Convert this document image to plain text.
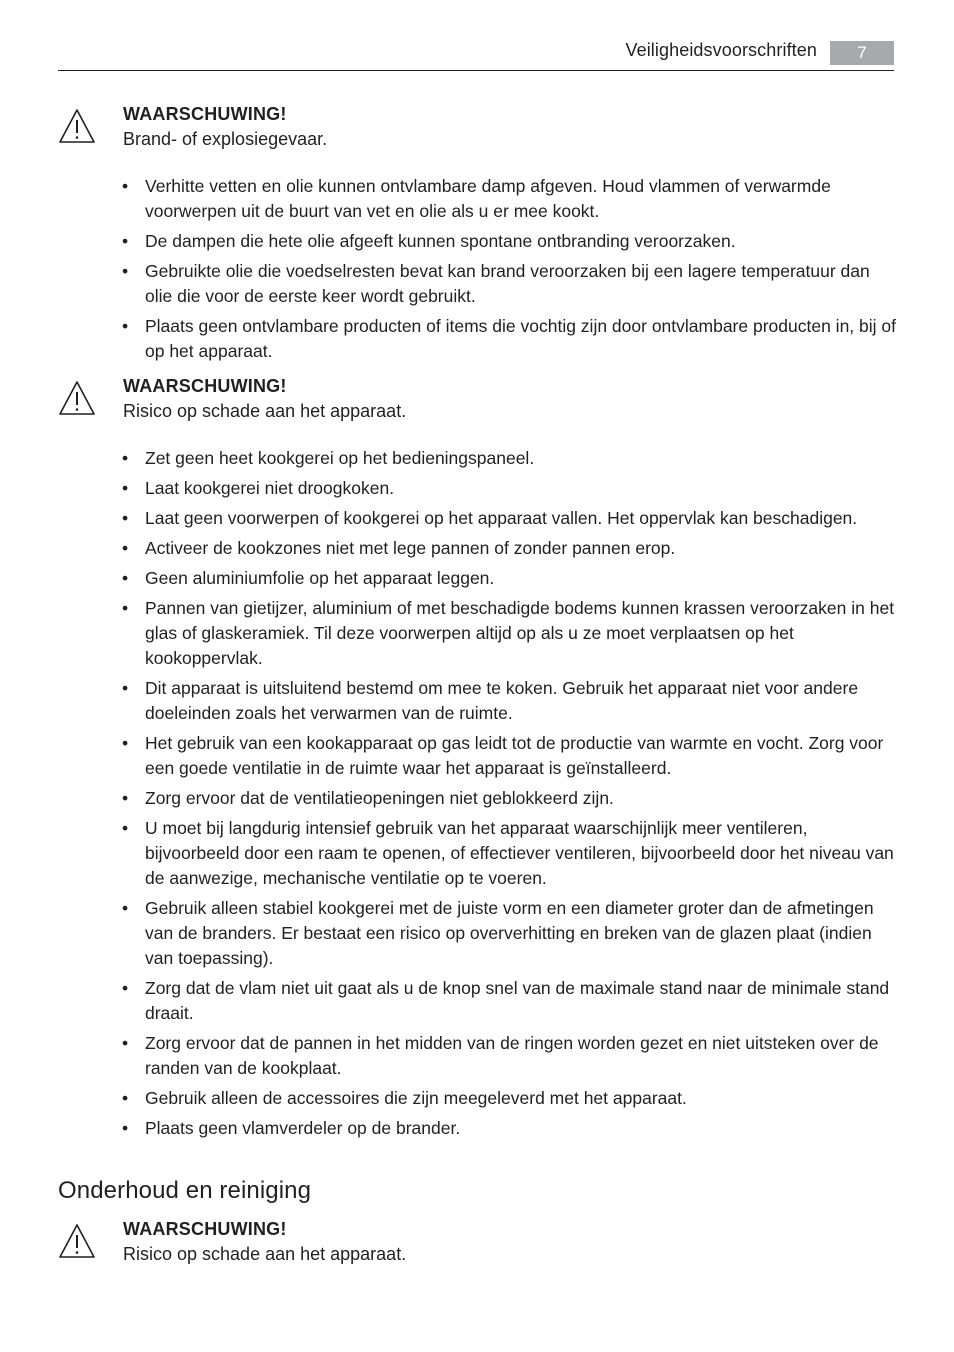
Veiligheidsvoorschriften	7
WAARSCHUWING!
Brand- of explosiegevaar.
• Verhitte vetten en olie kunnen ontvlambare damp afgeven. Houd vlammen of verwarmde voorwerpen uit de buurt van vet en olie als u er mee kookt.
• De dampen die hete olie afgeeft kunnen spontane ontbranding veroorzaken.
• Gebruikte olie die voedselresten bevat kan brand veroorzaken bij een lagere temperatuur dan olie die voor de eerste keer wordt gebruikt.
• Plaats geen ontvlambare producten of items die vochtig zijn door ontvlambare producten in, bij of op het apparaat.
WAARSCHUWING!
Risico op schade aan het apparaat.
• Zet geen heet kookgerei op het bedieningspaneel.
• Laat kookgerei niet droogkoken.
• Laat geen voorwerpen of kookgerei op het apparaat vallen. Het oppervlak kan beschadigen.
• Activeer de kookzones niet met lege pannen of zonder pannen erop.
• Geen aluminiumfolie op het apparaat leggen.
• Pannen van gietijzer, aluminium of met beschadigde bodems kunnen krassen veroorzaken in het glas of glaskeramiek. Til deze voorwerpen altijd op als u ze moet verplaatsen op het kookoppervlak.
• Dit apparaat is uitsluitend bestemd om mee te koken. Gebruik het apparaat niet voor andere doeleinden zoals het verwarmen van de ruimte.
• Het gebruik van een kookapparaat op gas leidt tot de productie van warmte en vocht. Zorg voor een goede ventilatie in de ruimte waar het apparaat is geïnstalleerd.
• Zorg ervoor dat de ventilatieopeningen niet geblokkeerd zijn.
• U moet bij langdurig intensief gebruik van het apparaat waarschijnlijk meer ventileren, bijvoorbeeld door een raam te openen, of effectiever ventileren, bijvoorbeeld door het niveau van de aanwezige, mechanische ventilatie op te voeren.
• Gebruik alleen stabiel kookgerei met de juiste vorm en een diameter groter dan de afmetingen van de branders. Er bestaat een risico op oververhitting en breken van de glazen plaat (indien van toepassing).
• Zorg dat de vlam niet uit gaat als u de knop snel van de maximale stand naar de minimale stand draait.
• Zorg ervoor dat de pannen in het midden van de ringen worden gezet en niet uitsteken over de randen van de kookplaat.
• Gebruik alleen de accessoires die zijn meegeleverd met het apparaat.
• Plaats geen vlamverdeler op de brander.
Onderhoud en reiniging
WAARSCHUWING!
Risico op schade aan het apparaat.
